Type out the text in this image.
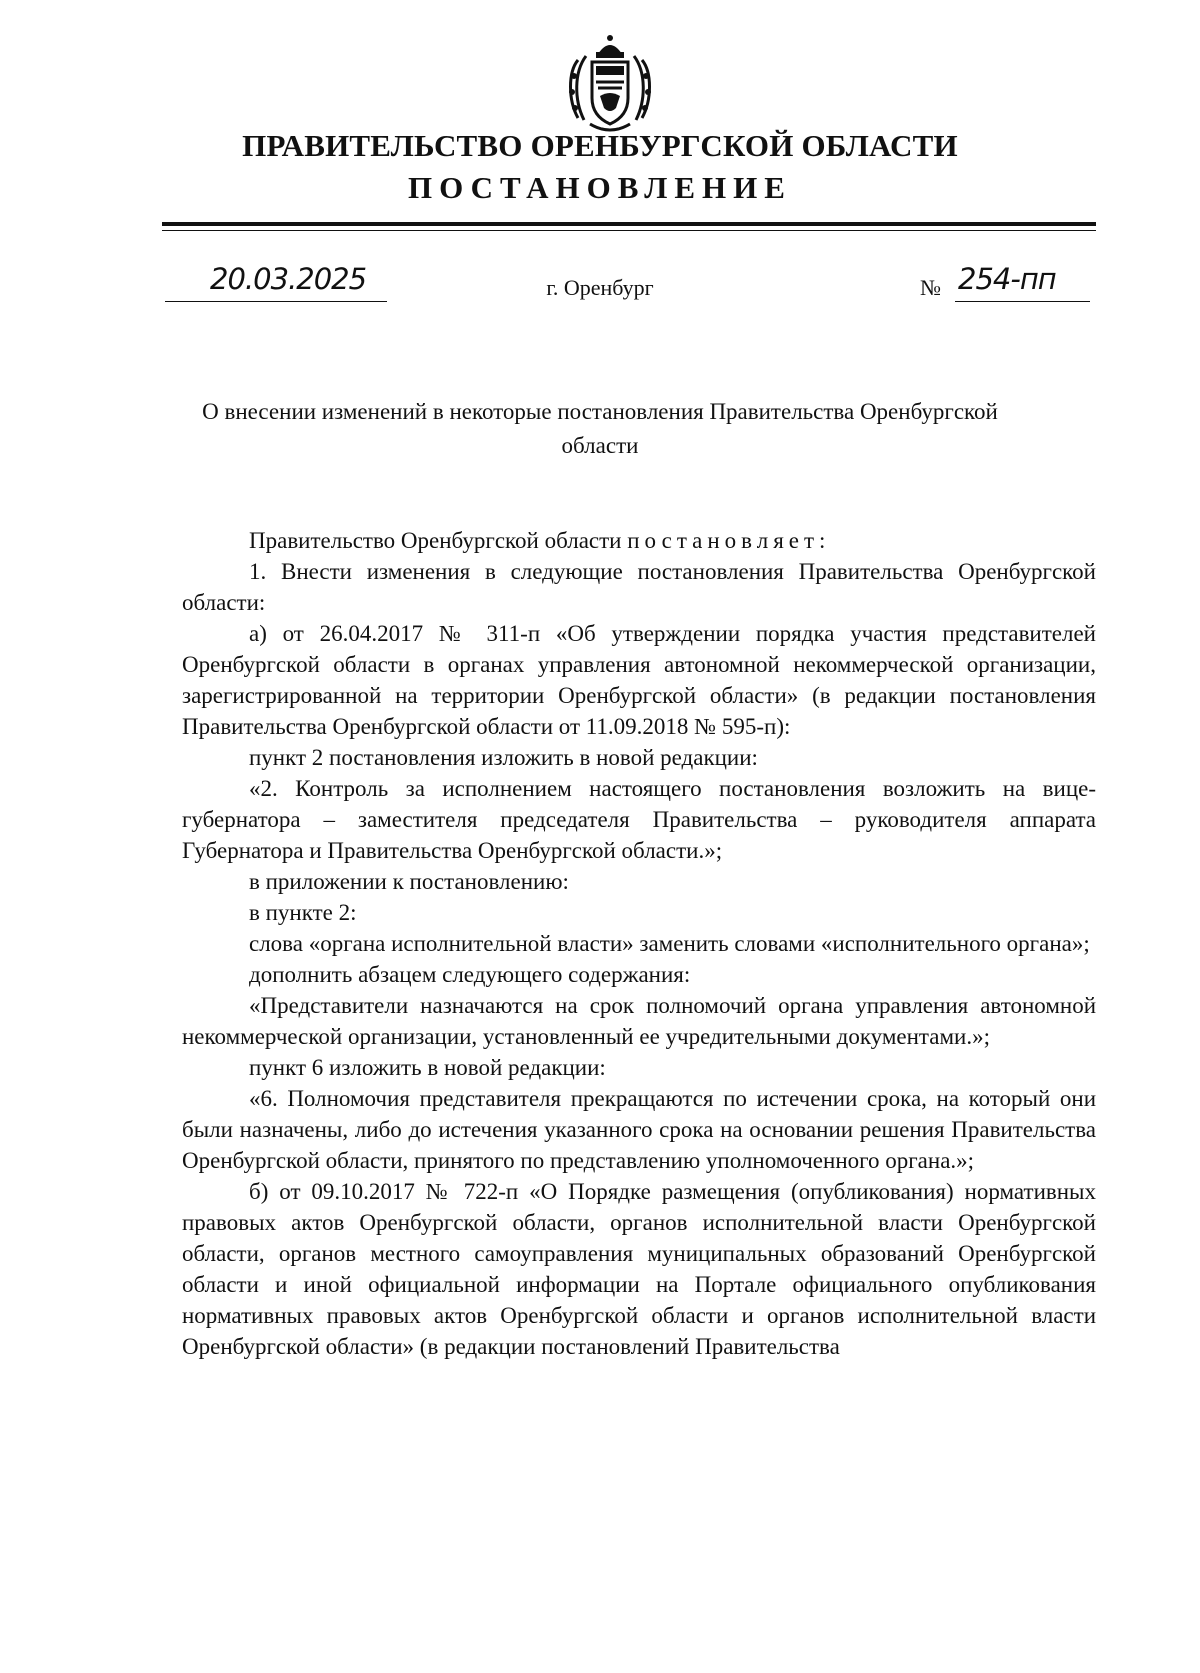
ПРАВИТЕЛЬСТВО ОРЕНБУРГСКОЙ ОБЛАСТИ
ПОСТАНОВЛЕНИЕ
20.03.2025	г. Оренбург	№ 254-пп
О внесении изменений в некоторые постановления Правительства Оренбургской области

Правительство Оренбургской области постановляет:

1. Внести изменения в следующие постановления Правительства Оренбургской области:

а) от 26.04.2017 № 311-п «Об утверждении порядка участия представителей Оренбургской области в органах управления автономной некоммерческой организации, зарегистрированной на территории Оренбургской области» (в редакции постановления Правительства Оренбургской области от 11.09.2018 № 595-п):

пункт 2 постановления изложить в новой редакции:

«2. Контроль за исполнением настоящего постановления возложить на вице-губернатора – заместителя председателя Правительства – руководителя аппарата Губернатора и Правительства Оренбургской области.»;

в приложении к постановлению:

в пункте 2:

слова «органа исполнительной власти» заменить словами «исполнительного органа»;

дополнить абзацем следующего содержания:

«Представители назначаются на срок полномочий органа управления автономной некоммерческой организации, установленный ее учредительными документами.»;

пункт 6 изложить в новой редакции:

«6. Полномочия представителя прекращаются по истечении срока, на который они были назначены, либо до истечения указанного срока на основании решения Правительства Оренбургской области, принятого по представлению уполномоченного органа.»;

б) от 09.10.2017 № 722-п «О Порядке размещения (опубликования) нормативных правовых актов Оренбургской области, органов исполнительной власти Оренбургской области, органов местного самоуправления муниципальных образований Оренбургской области и иной официальной информации на Портале официального опубликования нормативных правовых актов Оренбургской области и органов исполнительной власти Оренбургской области» (в редакции постановлений Правительства
